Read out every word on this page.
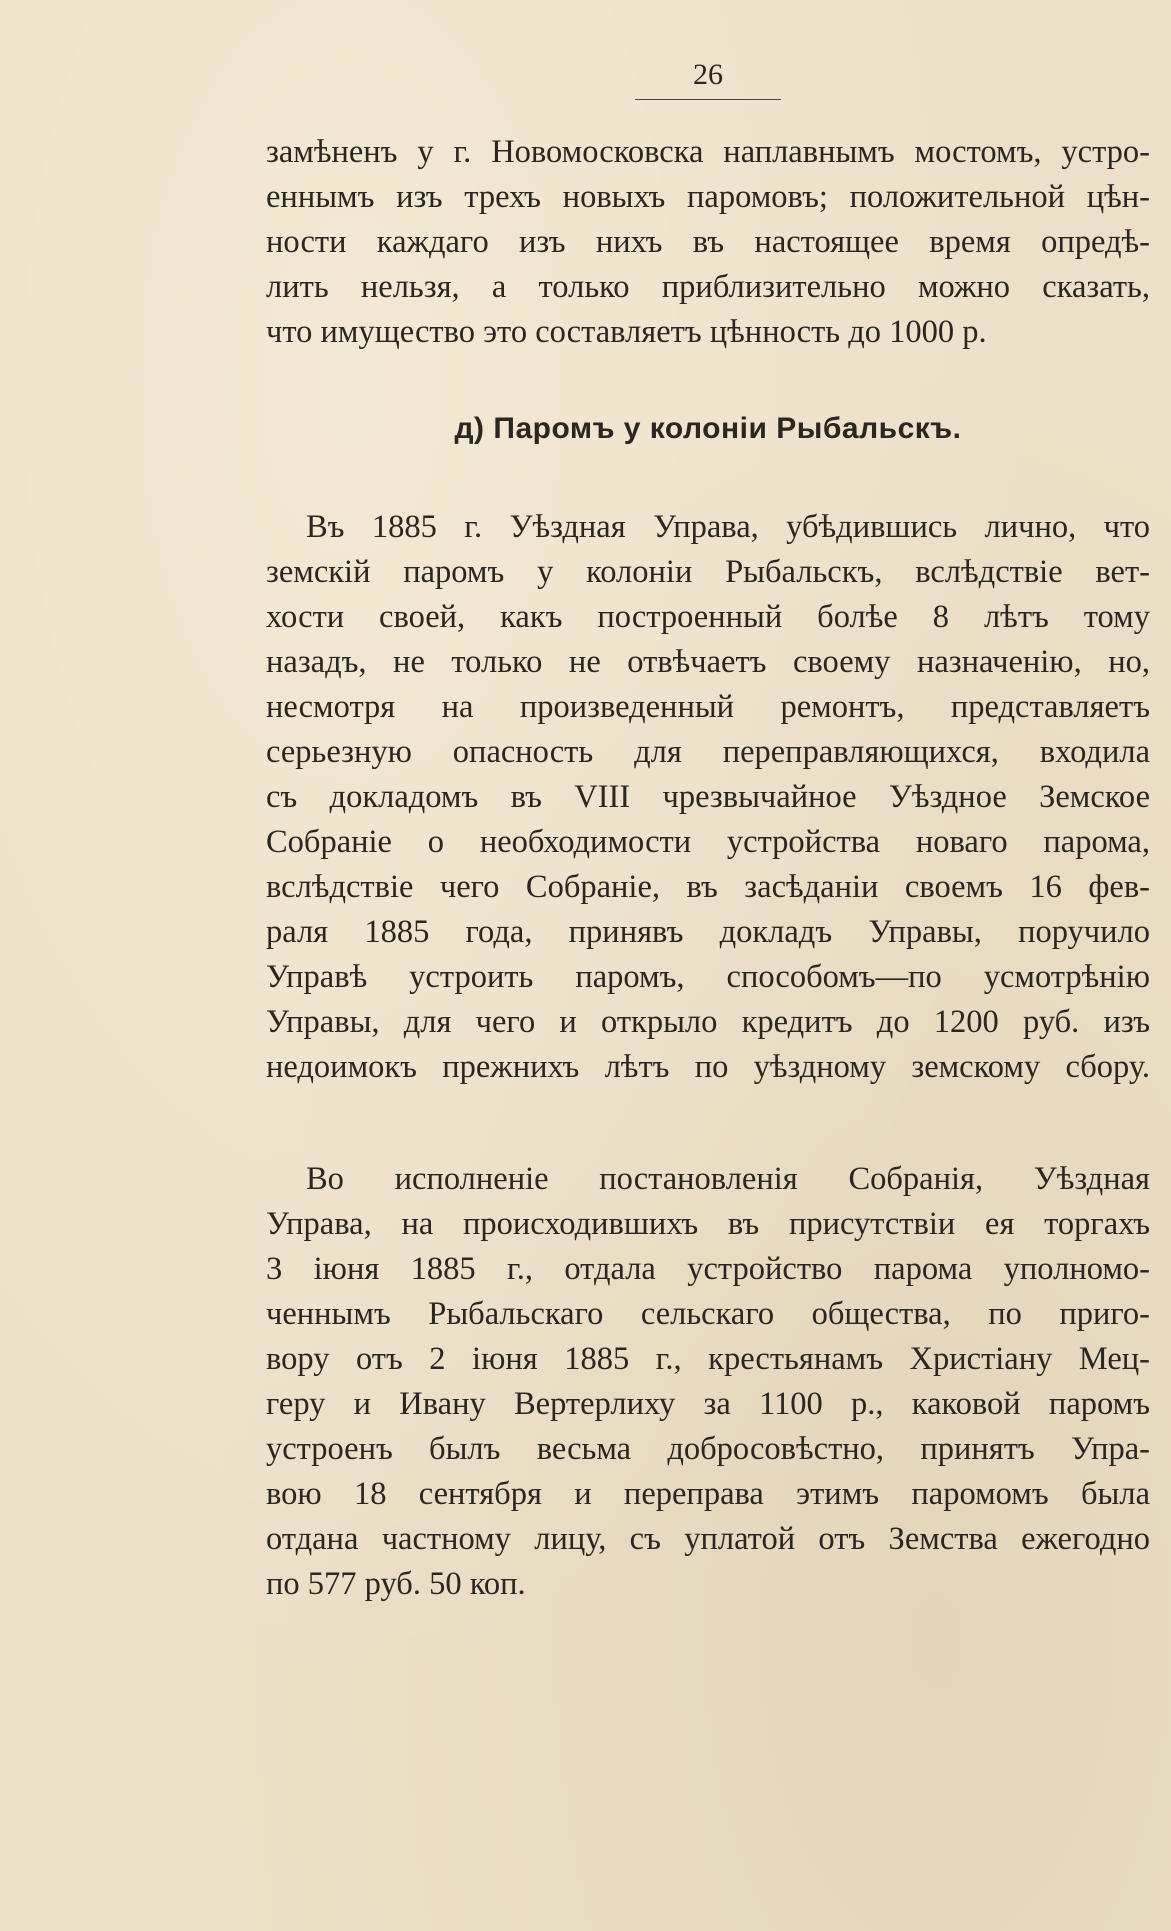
26
замѣненъ у г. Новомосковска наплавнымъ мостомъ, устро-
еннымъ изъ трехъ новыхъ паромовъ; положительной цѣн-
ности каждаго изъ нихъ въ настоящее время опредѣ-
лить нельзя, а только приблизительно можно сказать,
что имущество это составляетъ цѣнность до 1000 р.
д) Паромъ у колоніи Рыбальскъ.
Въ 1885 г. Уѣздная Управа, убѣдившись лично, что
земскій паромъ у колоніи Рыбальскъ, вслѣдствіе вет-
хости своей, какъ построенный болѣе 8 лѣтъ тому
назадъ, не только не отвѣчаетъ своему назначенію, но,
несмотря на произведенный ремонтъ, представляетъ
серьезную опасность для переправляющихся, входила
съ докладомъ въ VIII чрезвычайное Уѣздное Земское
Собраніе о необходимости устройства новаго парома,
вслѣдствіе чего Собраніе, въ засѣданіи своемъ 16 фев-
раля 1885 года, принявъ докладъ Управы, поручило
Управѣ устроить паромъ, способомъ—по усмотрѣнію
Управы, для чего и открыло кредитъ до 1200 руб. изъ
недоимокъ прежнихъ лѣтъ по уѣздному земскому сбору.
Во исполненіе постановленія Собранія, Уѣздная
Управа, на происходившихъ въ присутствіи ея торгахъ
3 іюня 1885 г., отдала устройство парома уполномо-
ченнымъ Рыбальскаго сельскаго общества, по приго-
вору отъ 2 іюня 1885 г., крестьянамъ Христіану Мец-
геру и Ивану Вертерлиху за 1100 р., каковой паромъ
устроенъ былъ весьма добросовѣстно, принятъ Упра-
вою 18 сентября и переправа этимъ паромомъ была
отдана частному лицу, съ уплатой отъ Земства ежегодно
по 577 руб. 50 коп.
